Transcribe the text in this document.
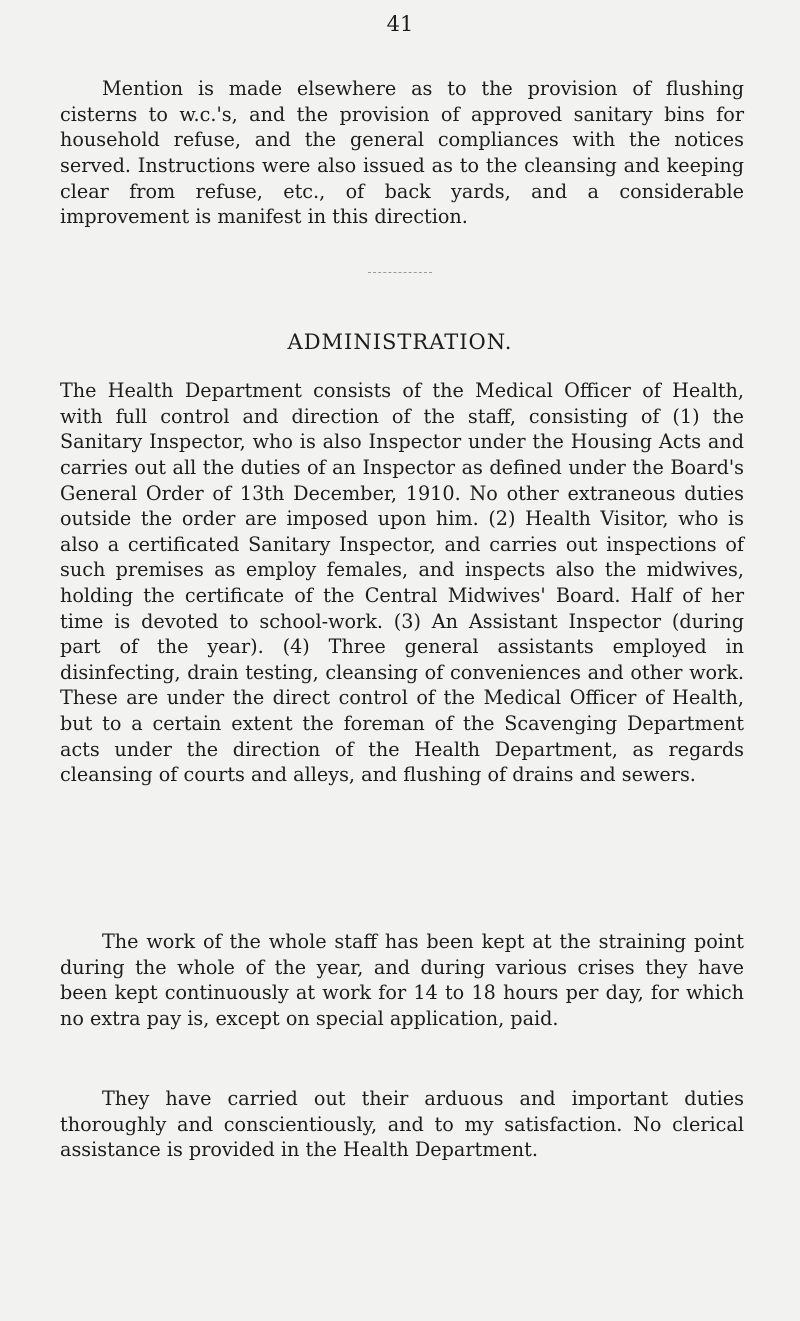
41

Mention is made elsewhere as to the provision of flushing cisterns to w.c.'s, and the provision of approved sanitary bins for household refuse, and the general compliances with the notices served. Instructions were also issued as to the cleansing and keeping clear from refuse, etc., of back yards, and a considerable improvement is manifest in this direction.

ADMINISTRATION.

The Health Department consists of the Medical Officer of Health, with full control and direction of the staff, consisting of (1) the Sanitary Inspector, who is also Inspector under the Housing Acts and carries out all the duties of an Inspector as defined under the Board's General Order of 13th December, 1910. No other extraneous duties outside the order are imposed upon him. (2) Health Visitor, who is also a certificated Sanitary Inspector, and carries out inspections of such premises as employ females, and inspects also the midwives, holding the certificate of the Central Midwives' Board. Half of her time is devoted to school-work. (3) An Assistant Inspector (during part of the year). (4) Three general assistants employed in disinfecting, drain testing, cleansing of conveniences and other work. These are under the direct control of the Medical Officer of Health, but to a certain extent the foreman of the Scavenging Department acts under the direction of the Health Department, as regards cleansing of courts and alleys, and flushing of drains and sewers.

The work of the whole staff has been kept at the straining point during the whole of the year, and during various crises they have been kept continuously at work for 14 to 18 hours per day, for which no extra pay is, except on special application, paid.

They have carried out their arduous and important duties thoroughly and conscientiously, and to my satisfaction. No clerical assistance is provided in the Health Department.
